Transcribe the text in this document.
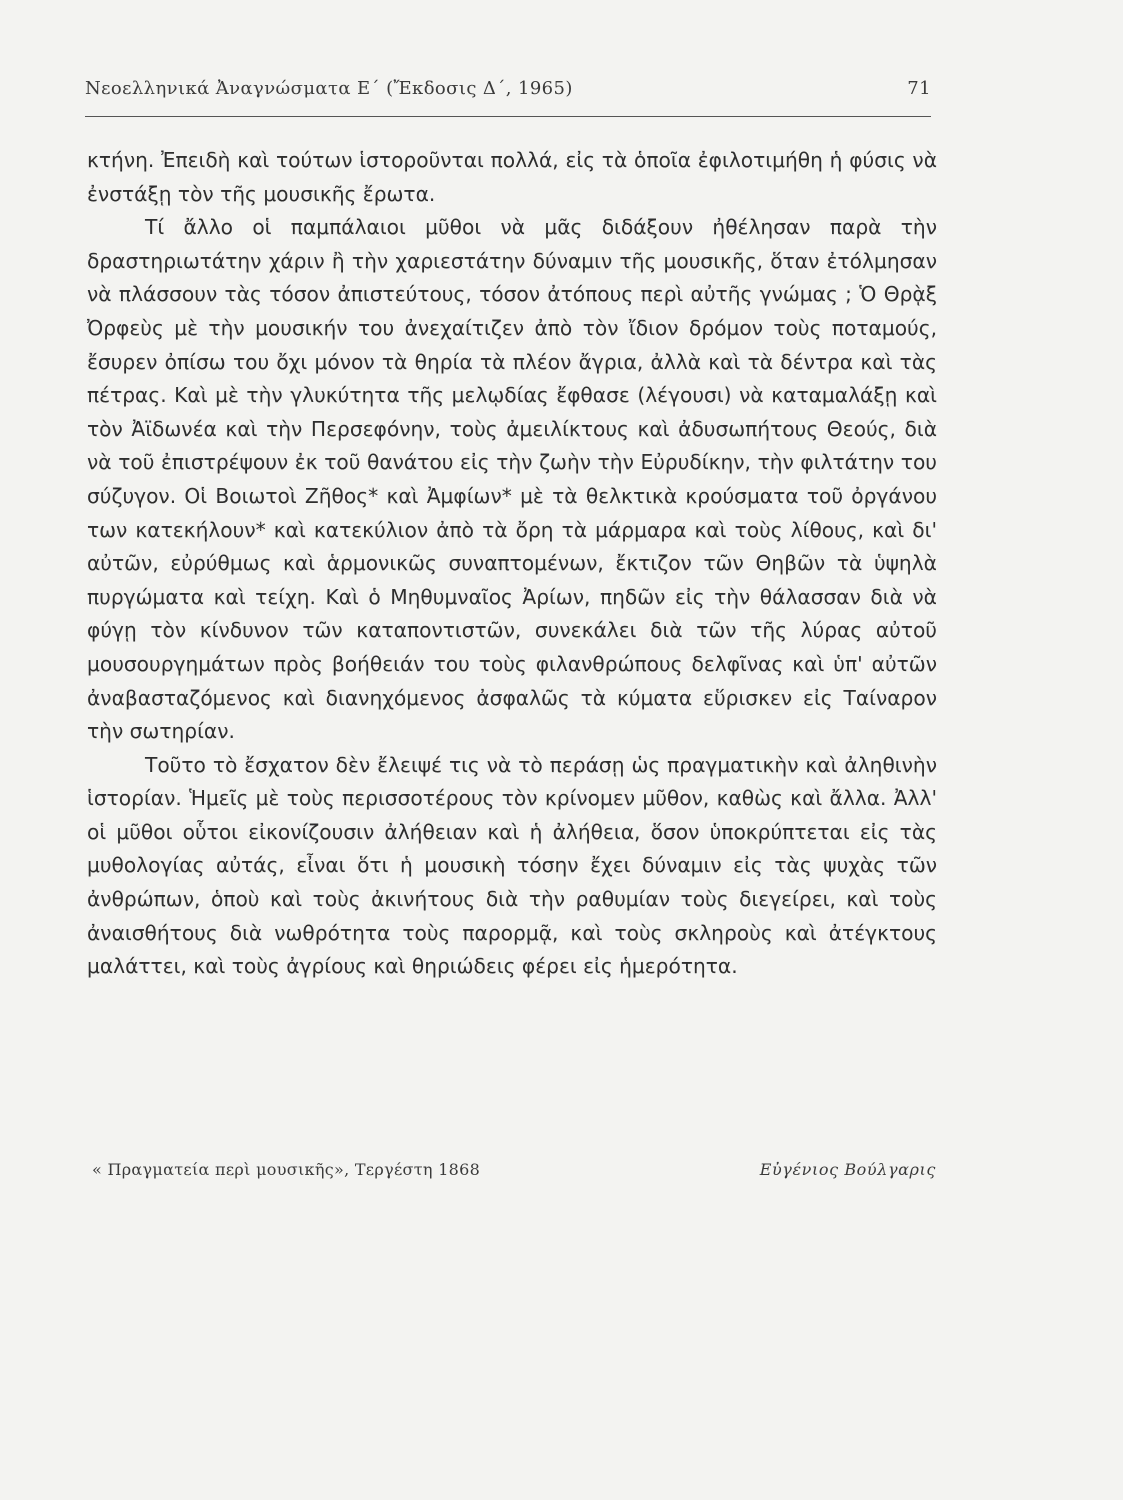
Νεοελληνικά Ἀναγνώσματα Ε΄ (Ἔκδοσις Δ΄, 1965)	71

κτήνη. Ἐπειδὴ καὶ τούτων ἱστοροῦνται πολλά, εἰς τὰ ὁποῖα ἐφιλοτιμήθη ἡ φύσις νὰ ἐνστάξῃ τὸν τῆς μουσικῆς ἔρωτα.

Τί ἄλλο οἱ παμπάλαιοι μῦθοι νὰ μᾶς διδάξουν ἠθέλησαν παρὰ τὴν δραστηριωτάτην χάριν ἢ τὴν χαριεστάτην δύναμιν τῆς μουσικῆς, ὅταν ἐτόλμησαν νὰ πλάσσουν τὰς τόσον ἀπιστεύτους, τόσον ἀτόπους περὶ αὐτῆς γνώμας ; Ὁ Θρᾲξ Ὀρφεὺς μὲ τὴν μουσικήν του ἀνεχαίτιζεν ἀπὸ τὸν ἴδιον δρόμον τοὺς ποταμούς, ἔσυρεν ὀπίσω του ὄχι μόνον τὰ θηρία τὰ πλέον ἄγρια, ἀλλὰ καὶ τὰ δέντρα καὶ τὰς πέτρας. Καὶ μὲ τὴν γλυκύτητα τῆς μελῳδίας ἔφθασε (λέγουσι) νὰ καταμαλάξῃ καὶ τὸν Ἀϊδωνέα καὶ τὴν Περσεφόνην, τοὺς ἀμειλίκτους καὶ ἀδυσωπήτους Θεούς, διὰ νὰ τοῦ ἐπιστρέψουν ἐκ τοῦ θανάτου εἰς τὴν ζωὴν τὴν Εὐρυδίκην, τὴν φιλτάτην του σύζυγον. Οἱ Βοιωτοὶ Ζῆθος* καὶ Ἀμφίων* μὲ τὰ θελκτικὰ κρούσματα τοῦ ὀργάνου των κατεκήλουν* καὶ κατεκύλιον ἀπὸ τὰ ὄρη τὰ μάρμαρα καὶ τοὺς λίθους, καὶ δι' αὐτῶν, εὐρύθμως καὶ ἁρμονικῶς συναπτομένων, ἔκτιζον τῶν Θηβῶν τὰ ὑψηλὰ πυργώματα καὶ τείχη. Καὶ ὁ Μηθυμναῖος Ἀρίων, πηδῶν εἰς τὴν θάλασσαν διὰ νὰ φύγῃ τὸν κίνδυνον τῶν καταποντιστῶν, συνεκάλει διὰ τῶν τῆς λύρας αὐτοῦ μουσουργημάτων πρὸς βοήθειάν του τοὺς φιλανθρώπους δελφῖνας καὶ ὑπ' αὐτῶν ἀναβασταζόμενος καὶ διανηχόμενος ἀσφαλῶς τὰ κύματα εὕρισκεν εἰς Ταίναρον τὴν σωτηρίαν.

Τοῦτο τὸ ἔσχατον δὲν ἔλειψέ τις νὰ τὸ περάσῃ ὡς πραγματικὴν καὶ ἀληθινὴν ἱστορίαν. Ἡμεῖς μὲ τοὺς περισσοτέρους τὸν κρίνομεν μῦθον, καθὼς καὶ ἄλλα. Ἀλλ' οἱ μῦθοι οὗτοι εἰκονίζουσιν ἀλήθειαν καὶ ἡ ἀλήθεια, ὅσον ὑποκρύπτεται εἰς τὰς μυθολογίας αὐτάς, εἶναι ὅτι ἡ μουσικὴ τόσην ἔχει δύναμιν εἰς τὰς ψυχὰς τῶν ἀνθρώπων, ὁποὺ καὶ τοὺς ἀκινήτους διὰ τὴν ραθυμίαν τοὺς διεγείρει, καὶ τοὺς ἀναισθήτους διὰ νωθρότητα τοὺς παρορμᾷ, καὶ τοὺς σκληροὺς καὶ ἀτέγκτους μαλάττει, καὶ τοὺς ἀγρίους καὶ θηριώδεις φέρει εἰς ἡμερότητα.

« Πραγματεία περὶ μουσικῆς», Τεργέστη 1868	Εὐγένιος Βούλγαρις
